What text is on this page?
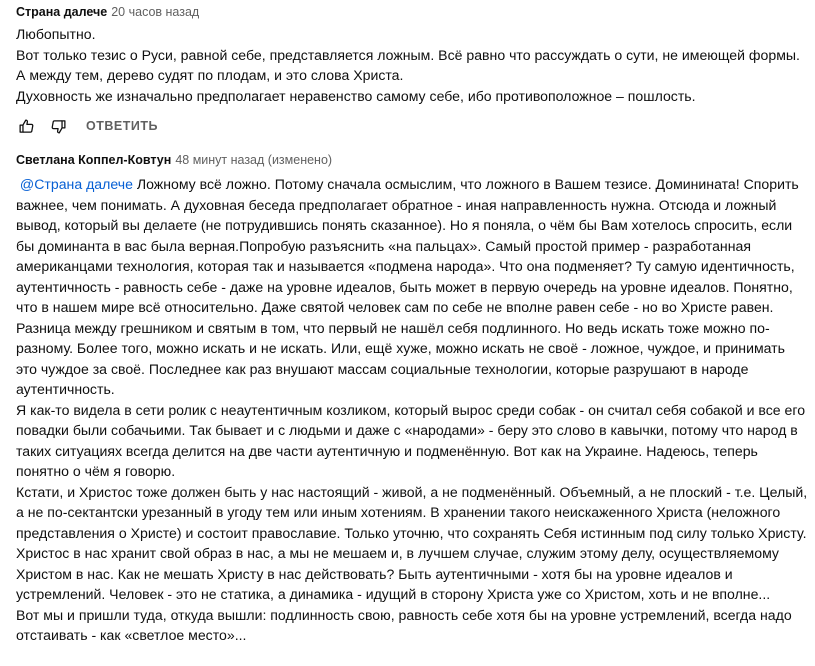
Страна далече 20 часов назад

Любопытно.

Вот только тезис о Руси, равной себе, представляется ложным. Всё равно что рассуждать о сути, не имеющей формы. А между тем, дерево судят по плодам, и это слова Христа.

Духовность же изначально предполагает неравенство самому себе, ибо противоположное – пошлость.

ОТВЕТИТЬ
Светлана Коппел-Ковтун 48 минут назад (изменено)

@Страна далече Ложному всё ложно. Потому сначала осмыслим, что ложного в Вашем тезисе. Доминината! Спорить важнее, чем понимать. А духовная беседа предполагает обратное - иная направленность нужна. Отсюда и ложный вывод, который вы делаете (не потрудившись понять сказанное). Но я поняла, о чём бы Вам хотелось спросить, если бы доминанта в вас была верная.Попробую разъяснить «на пальцах». Самый простой пример - разработанная американцами технология, которая так и называется «подмена народа». Что она подменяет? Ту самую идентичность, аутентичность - равность себе - даже на уровне идеалов, быть может в первую очередь на уровне идеалов. Понятно, что в нашем мире всё относительно. Даже святой человек сам по себе не вполне равен себе - но во Христе равен. Разница между грешником и святым в том, что первый не нашёл себя подлинного. Но ведь искать тоже можно по-разному. Более того, можно искать и не искать. Или, ещё хуже, можно искать не своё - ложное, чуждое, и принимать это чуждое за своё. Последнее как раз внушают массам социальные технологии, которые разрушают в народе аутентичность.

Я как-то видела в сети ролик с неаутентичным козликом, который вырос среди собак - он считал себя собакой и все его повадки были собачьими. Так бывает и с людьми и даже с «народами» - беру это слово в кавычки, потому что народ в таких ситуациях всегда делится на две части аутентичную и подменённую. Вот как на Украине. Надеюсь, теперь понятно о чём я говорю.

Кстати, и Христос тоже должен быть у нас настоящий - живой, а не подменённый. Объемный, а не плоский - т.е. Целый, а не по-сектантски урезанный в угоду тем или иным хотениям. В хранении такого неискаженного Христа (неложного представления о Христе) и состоит православие. Только уточню, что сохранять Себя истинным под силу только Христу. Христос в нас хранит свой образ в нас, а мы не мешаем и, в лучшем случае, служим этому делу, осуществляемому Христом в нас. Как не мешать Христу в нас действовать? Быть аутентичными - хотя бы на уровне идеалов и устремлений. Человек - это не статика, а динамика - идущий в сторону Христа уже со Христом, хоть и не вполне...

Вот мы и пришли туда, откуда вышли: подлинность свою, равность себе хотя бы на уровне устремлений, всегда надо отстаивать - как «светлое место»...
